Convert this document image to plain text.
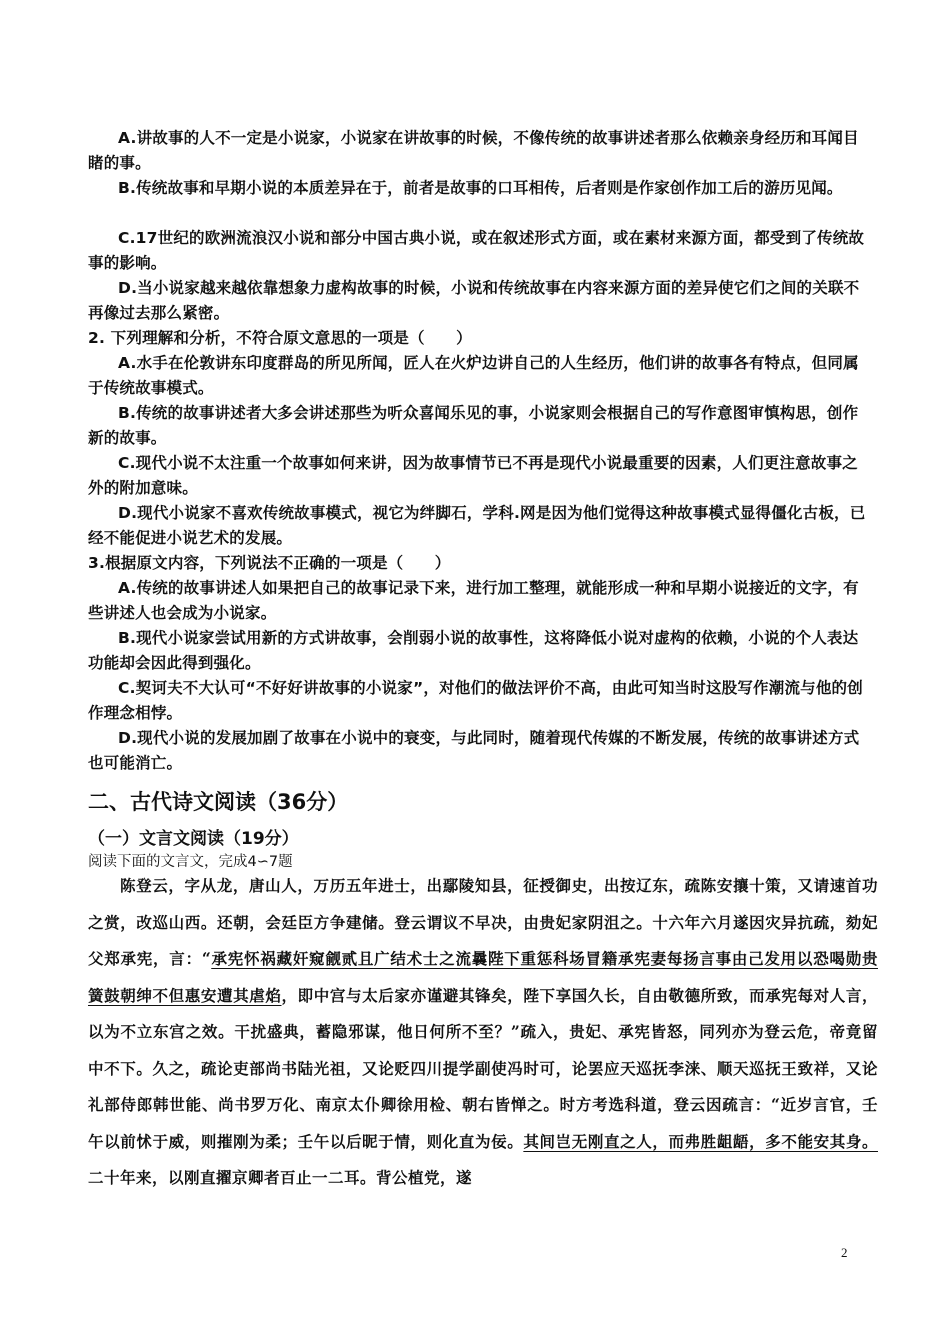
A.讲故事的人不一定是小说家，小说家在讲故事的时候，不像传统的故事讲述者那么依赖亲身经历和耳闻目睹的事。
B.传统故事和早期小说的本质差异在于，前者是故事的口耳相传，后者则是作家创作加工后的游历见闻。
C.17世纪的欧洲流浪汉小说和部分中国古典小说，或在叙述形式方面，或在素材来源方面，都受到了传统故事的影响。
D.当小说家越来越依靠想象力虚构故事的时候，小说和传统故事在内容来源方面的差异使它们之间的关联不再像过去那么紧密。
2. 下列理解和分析，不符合原文意思的一项是（　　）
A.水手在伦敦讲东印度群岛的所见所闻，匠人在火炉边讲自己的人生经历，他们讲的故事各有特点，但同属于传统故事模式。
B.传统的故事讲述者大多会讲述那些为听众喜闻乐见的事，小说家则会根据自己的写作意图审慎构思，创作新的故事。
C.现代小说不太注重一个故事如何来讲，因为故事情节已不再是现代小说最重要的因素，人们更注意故事之外的附加意味。
D.现代小说家不喜欢传统故事模式，视它为绊脚石，学科.网是因为他们觉得这种故事模式显得僵化古板，已经不能促进小说艺术的发展。
3.根据原文内容，下列说法不正确的一项是（　　）
A.传统的故事讲述人如果把自己的故事记录下来，进行加工整理，就能形成一种和早期小说接近的文字，有些讲述人也会成为小说家。
B.现代小说家尝试用新的方式讲故事，会削弱小说的故事性，这将降低小说对虚构的依赖，小说的个人表达功能却会因此得到强化。
C.契诃夫不大认可“不好好讲故事的小说家”，对他们的做法评价不高，由此可知当时这股写作潮流与他的创作理念相悖。
D.现代小说的发展加剧了故事在小说中的衰变，与此同时，随着现代传媒的不断发展，传统的故事讲述方式也可能消亡。
二、古代诗文阅读（36分）
（一）文言文阅读（19分）
阅读下面的文言文，完成4∽7题
陈登云，字从龙，唐山人，万历五年进士，出鄢陵知县，征授御史，出按辽东，疏陈安攘十策，又请速首功之赏，改巡山西。还朝，会廷臣方争建储。登云谓议不早决，由贵妃家阴沮之。十六年六月遂因灾异抗疏，劾妃父郑承宪，言：“承宪怀祸藏奸窥觎贰且广结术士之流曩陛下重惩科场冒籍承宪妻每扬言事由己发用以恐喝勋贵簧鼓朝绅不但惠安遭其虐焰，即中宫与太后家亦谨避其锋矣，陛下享国久长，自由敬德所致，而承宪每对人言，以为不立东宫之效。干扰盛典，蓄隐邪谋，他日何所不至？”疏入，贵妃、承宪皆怒，同列亦为登云危，帝竟留中不下。久之，疏论吏部尚书陆光祖，又论贬四川提学副使冯时可，论罢应天巡抚李涞、顺天巡抚王致祥，又论礼部侍郎韩世能、尚书罗万化、南京太仆卿徐用检、朝右皆惮之。时方考选科道，登云因疏言：“近岁言官，壬午以前怵于威，则摧刚为柔；壬午以后昵于情，则化直为佞。其间岂无刚直之人，而弗胜龃龉，多不能安其身。二十年来，以刚直擢京卿者百止一二耳。背公植党，遂
2
